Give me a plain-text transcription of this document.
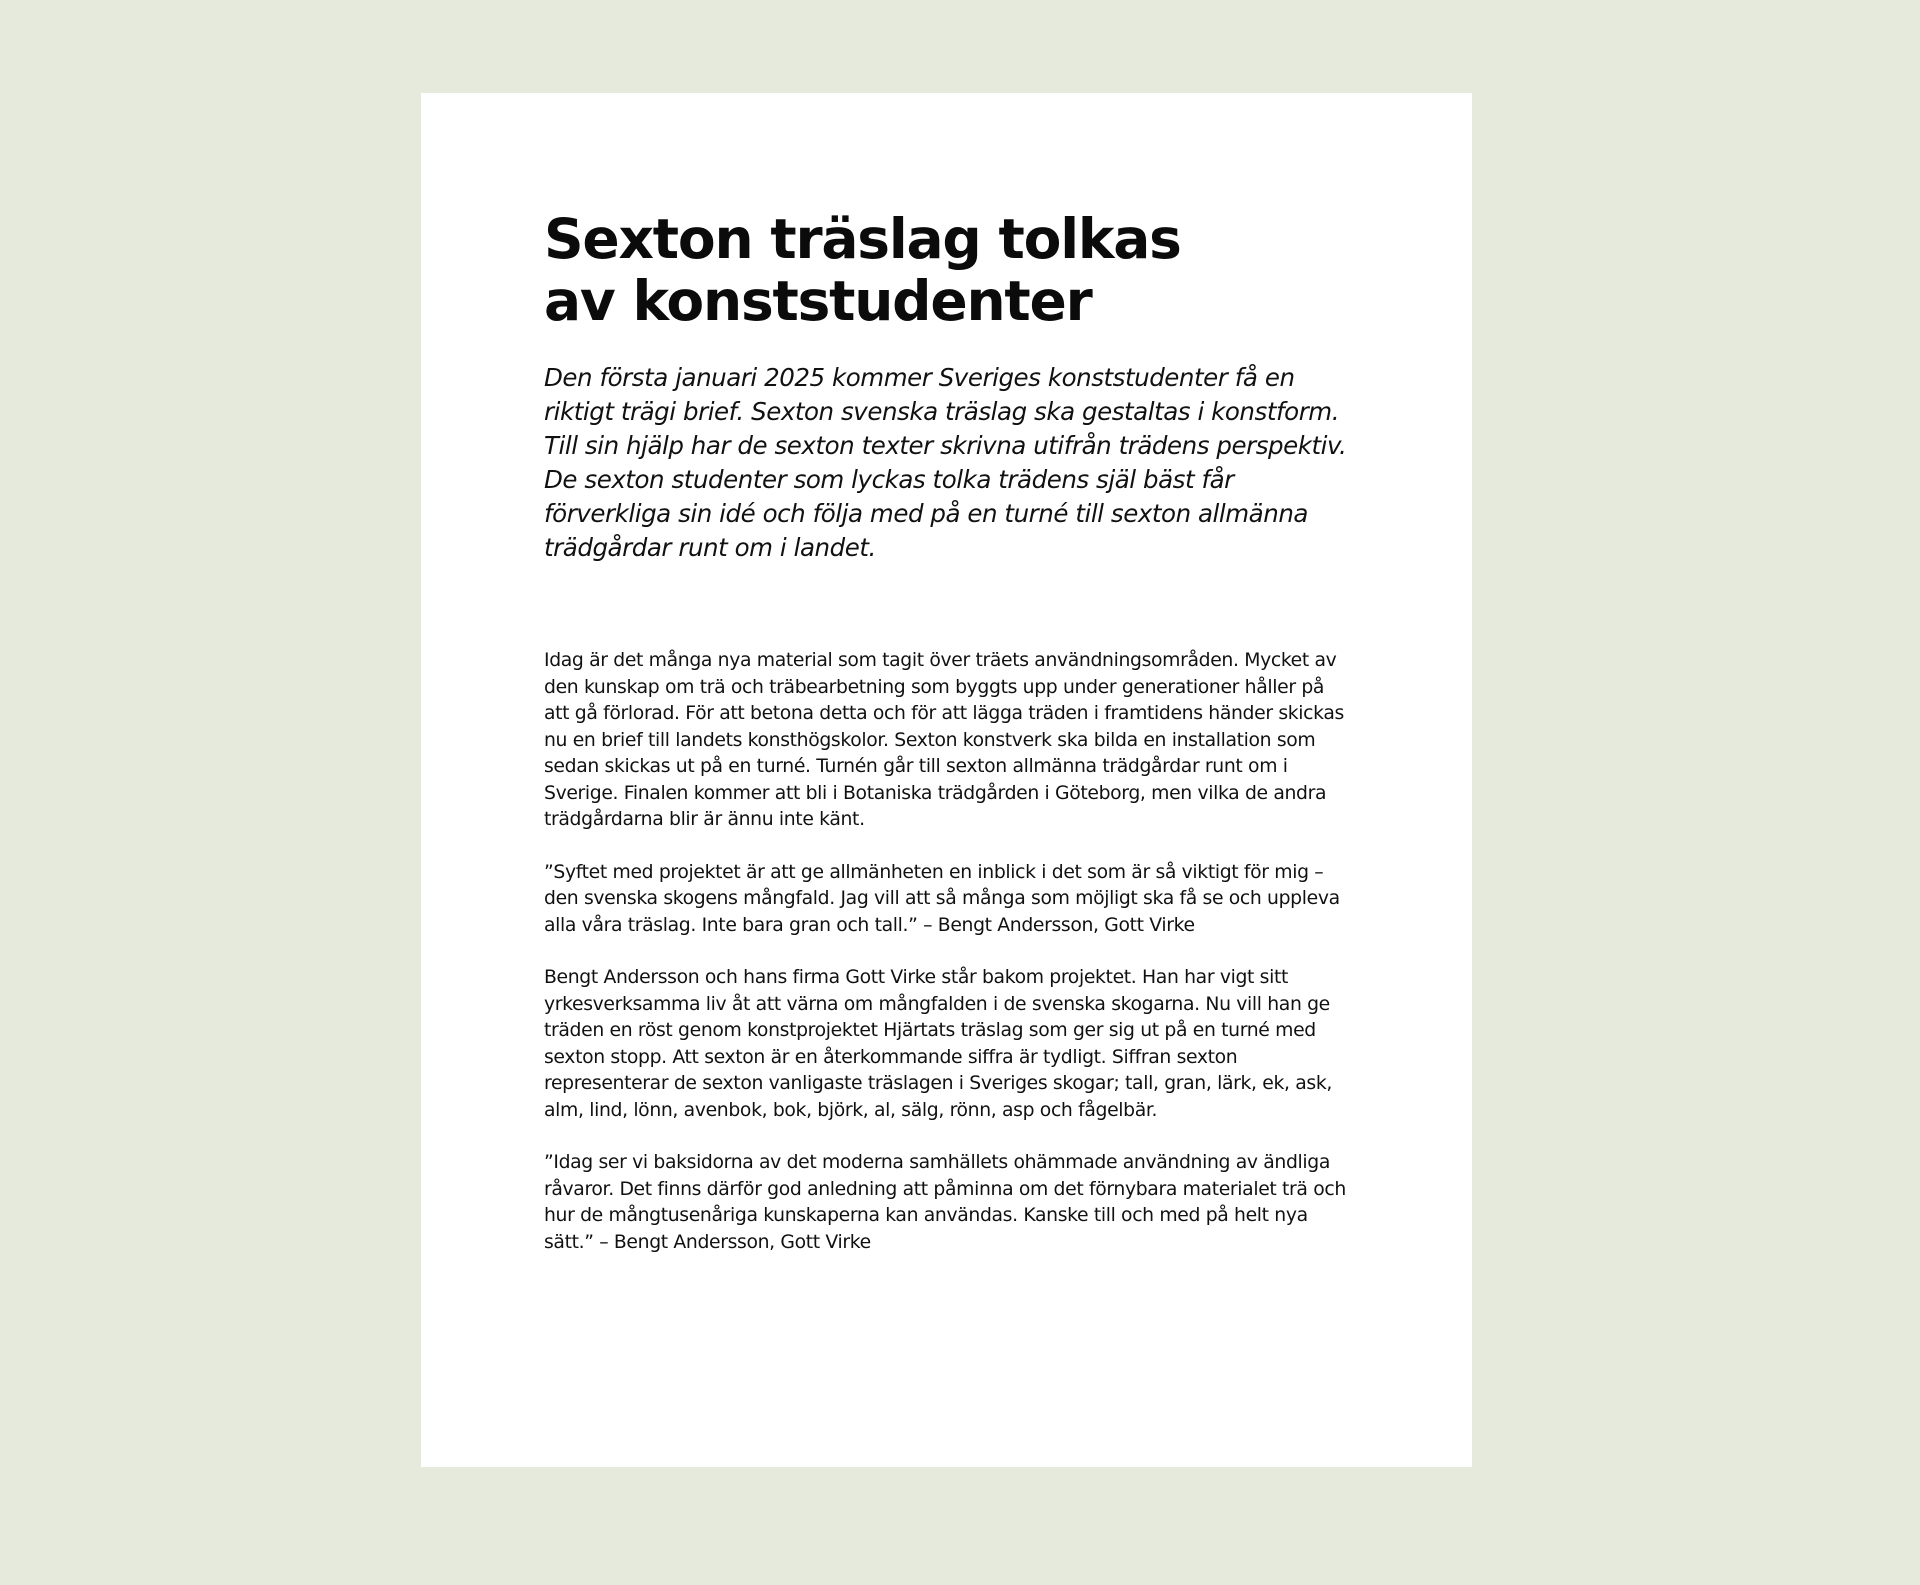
Sexton träslag tolkas
av konststudenter

Den första januari 2025 kommer Sveriges konststudenter få en riktigt trägi brief. Sexton svenska träslag ska gestaltas i konstform. Till sin hjälp har de sexton texter skrivna utifrån trädens perspektiv. De sexton studenter som lyckas tolka trädens själ bäst får förverkliga sin idé och följa med på en turné till sexton allmänna trädgårdar runt om i landet.

Idag är det många nya material som tagit över träets användningsområden. Mycket av den kunskap om trä och träbearbetning som byggts upp under generationer håller på att gå förlorad. För att betona detta och för att lägga träden i framtidens händer skickas nu en brief till landets konsthögskolor. Sexton konstverk ska bilda en installation som sedan skickas ut på en turné. Turnén går till sexton allmänna trädgårdar runt om i Sverige. Finalen kommer att bli i Botaniska trädgården i Göteborg, men vilka de andra trädgårdarna blir är ännu inte känt.

”Syftet med projektet är att ge allmänheten en inblick i det som är så viktigt för mig – den svenska skogens mångfald. Jag vill att så många som möjligt ska få se och uppleva alla våra träslag. Inte bara gran och tall.” – Bengt Andersson, Gott Virke

Bengt Andersson och hans firma Gott Virke står bakom projektet. Han har vigt sitt yrkesverksamma liv åt att värna om mångfalden i de svenska skogarna. Nu vill han ge träden en röst genom konstprojektet Hjärtats träslag som ger sig ut på en turné med sexton stopp. Att sexton är en återkommande siffra är tydligt. Siffran sexton representerar de sexton vanligaste träslagen i Sveriges skogar; tall, gran, lärk, ek, ask, alm, lind, lönn, avenbok, bok, björk, al, sälg, rönn, asp och fågelbär.

”Idag ser vi baksidorna av det moderna samhällets ohämmade användning av ändliga råvaror. Det finns därför god anledning att påminna om det förnybara materialet trä och hur de mångtusenåriga kunskaperna kan användas. Kanske till och med på helt nya sätt.” – Bengt Andersson, Gott Virke
